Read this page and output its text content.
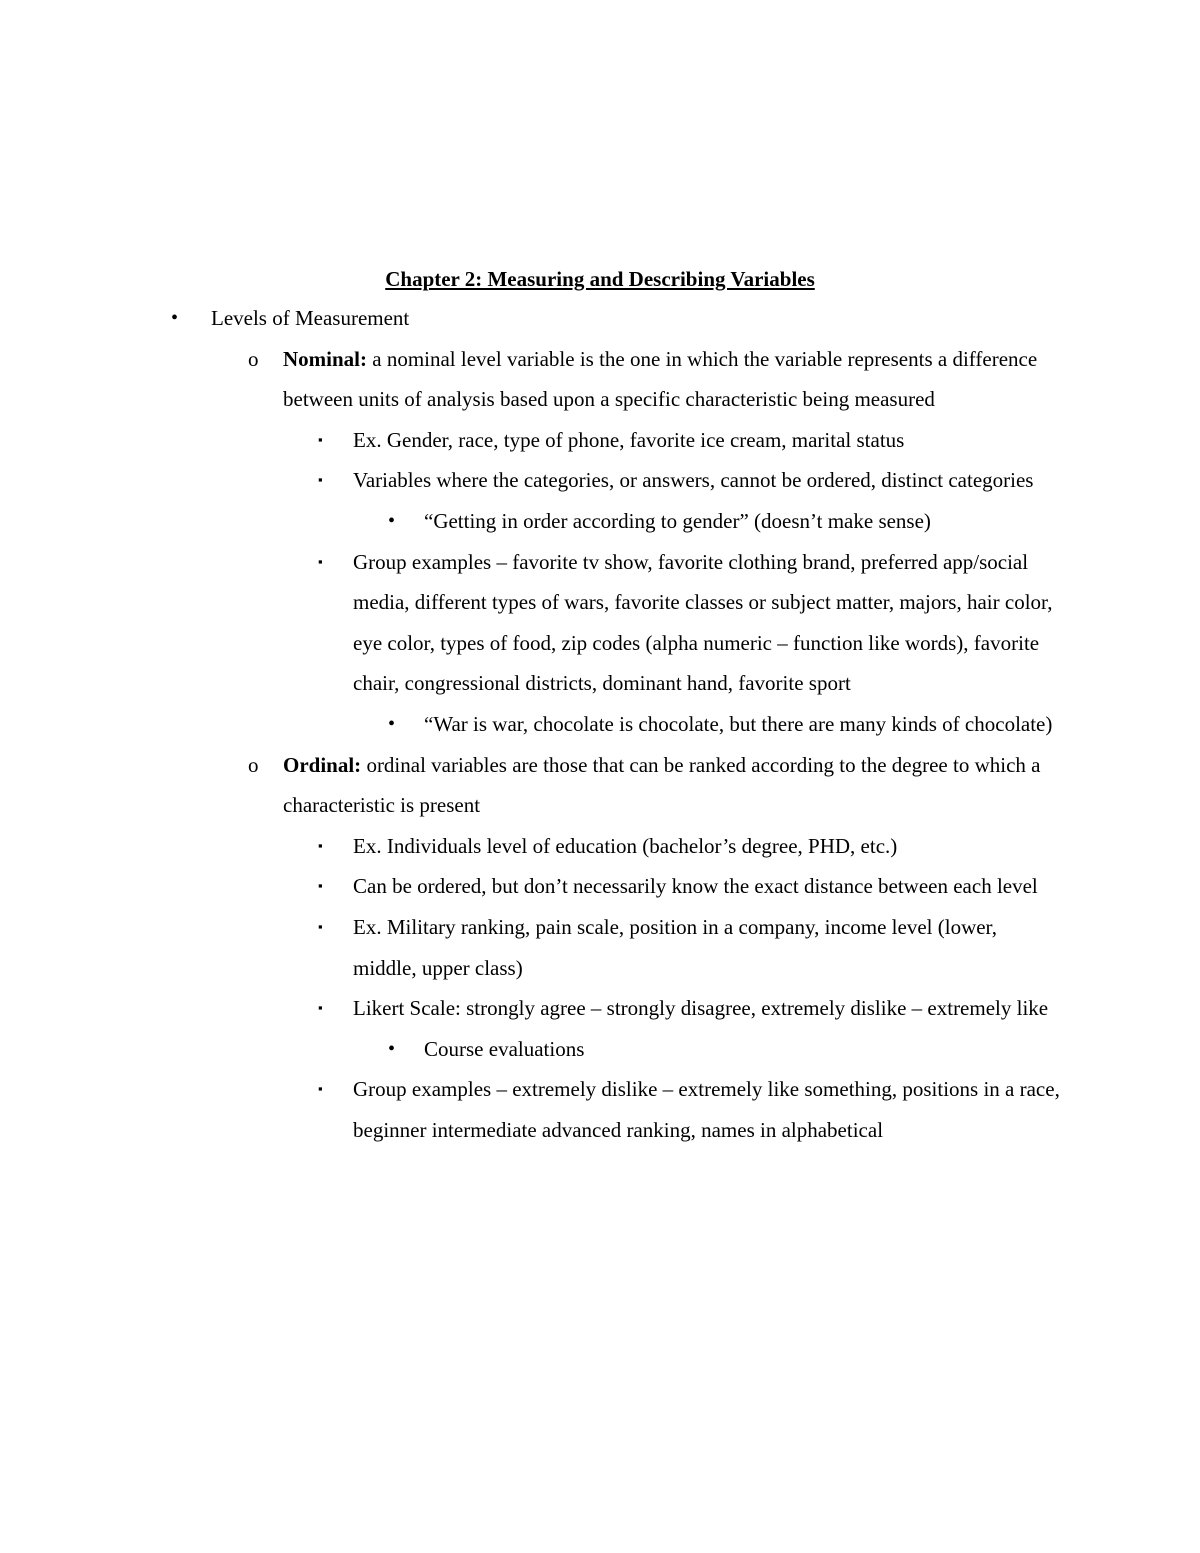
Chapter 2: Measuring and Describing Variables
• Levels of Measurement
o Nominal: a nominal level variable is the one in which the variable represents a difference between units of analysis based upon a specific characteristic being measured

▪ Ex. Gender, race, type of phone, favorite ice cream, marital status
▪ Variables where the categories, or answers, cannot be ordered, distinct categories
• “Getting in order according to gender” (doesn’t make sense)
▪ Group examples – favorite tv show, favorite clothing brand, preferred app/social media, different types of wars, favorite classes or subject matter, majors, hair color, eye color, types of food, zip codes (alpha numeric – function like words), favorite chair, congressional districts, dominant hand, favorite sport
• “War is war, chocolate is chocolate, but there are many kinds of chocolate)
o Ordinal: ordinal variables are those that can be ranked according to the degree to which a characteristic is present

▪ Ex. Individuals level of education (bachelor’s degree, PHD, etc.)
▪ Can be ordered, but don’t necessarily know the exact distance between each level
▪ Ex. Military ranking, pain scale, position in a company, income level (lower, middle, upper class)
▪ Likert Scale: strongly agree – strongly disagree, extremely dislike – extremely like
• Course evaluations
▪ Group examples – extremely dislike – extremely like something, positions in a race, beginner intermediate advanced ranking, names in alphabetical
